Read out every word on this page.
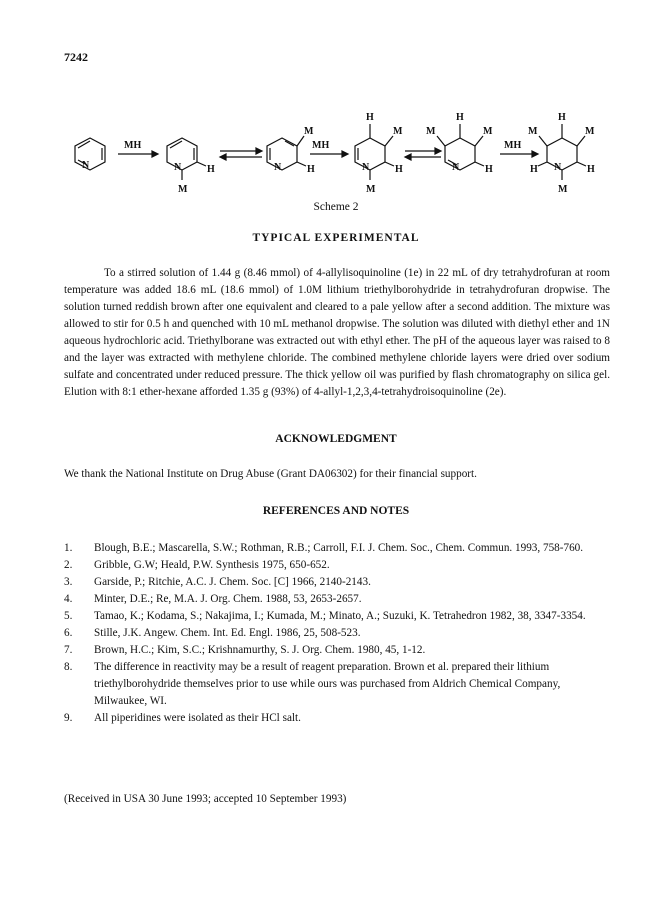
7242
N
MH
N	H
M
M
N	H
MH
H
M
N	H
M
H
M	M
N	H
MH
H
M	M
N
H	H
M
Scheme 2
TYPICAL EXPERIMENTAL

To a stirred solution of 1.44 g (8.46 mmol) of 4-allylisoquinoline (1e) in 22 mL of dry tetrahydrofuran at room temperature was added 18.6 mL (18.6 mmol) of 1.0M lithium triethylborohydride in tetrahydrofuran dropwise. The solution turned reddish brown after one equivalent and cleared to a pale yellow after a second addition. The mixture was allowed to stir for 0.5 h and quenched with 10 mL methanol dropwise. The solution was diluted with diethyl ether and 1N aqueous hydrochloric acid. Triethylborane was extracted out with ethyl ether. The pH of the aqueous layer was raised to 8 and the layer was extracted with methylene chloride. The combined methylene chloride layers were dried over sodium sulfate and concentrated under reduced pressure. The thick yellow oil was purified by flash chromatography on silica gel. Elution with 8:1 ether-hexane afforded 1.35 g (93%) of 4-allyl-1,2,3,4-tetrahydroisoquinoline (2e).

ACKNOWLEDGMENT
We thank the National Institute on Drug Abuse (Grant DA06302) for their financial support.
REFERENCES AND NOTES
1.	Blough, B.E.; Mascarella, S.W.; Rothman, R.B.; Carroll, F.I. J. Chem. Soc., Chem. Commun. 1993, 758-760.
2.	Gribble, G.W; Heald, P.W. Synthesis 1975, 650-652.
3.	Garside, P.; Ritchie, A.C. J. Chem. Soc. [C] 1966, 2140-2143.
4.	Minter, D.E.; Re, M.A. J. Org. Chem. 1988, 53, 2653-2657.
5.	Tamao, K.; Kodama, S.; Nakajima, I.; Kumada, M.; Minato, A.; Suzuki, K. Tetrahedron 1982, 38, 3347-3354.
6.	Stille, J.K. Angew. Chem. Int. Ed. Engl. 1986, 25, 508-523.
7.	Brown, H.C.; Kim, S.C.; Krishnamurthy, S. J. Org. Chem. 1980, 45, 1-12.
8.	The difference in reactivity may be a result of reagent preparation. Brown et al. prepared their lithium triethylborohydride themselves prior to use while ours was purchased from Aldrich Chemical Company, Milwaukee, WI.
9.	All piperidines were isolated as their HCl salt.
(Received in USA 30 June 1993; accepted 10 September 1993)
